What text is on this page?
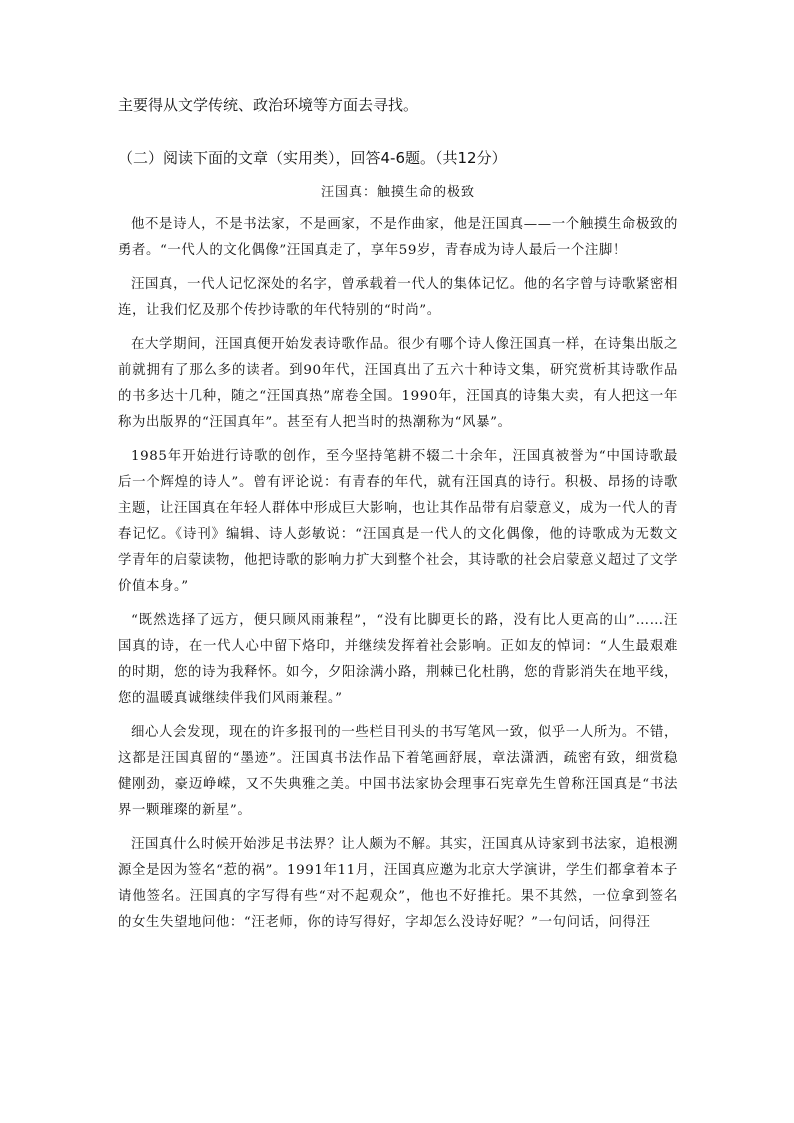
主要得从文学传统、政治环境等方面去寻找。
（二）阅读下面的文章（实用类），回答4-6题。（共12分）
汪国真：触摸生命的极致

他不是诗人，不是书法家，不是画家，不是作曲家，他是汪国真——一个触摸生命极致的勇者。“一代人的文化偶像”汪国真走了，享年59岁，青春成为诗人最后一个注脚！

汪国真，一代人记忆深处的名字，曾承载着一代人的集体记忆。他的名字曾与诗歌紧密相连，让我们忆及那个传抄诗歌的年代特别的“时尚”。

在大学期间，汪国真便开始发表诗歌作品。很少有哪个诗人像汪国真一样，在诗集出版之前就拥有了那么多的读者。到90年代，汪国真出了五六十种诗文集，研究赏析其诗歌作品的书多达十几种，随之“汪国真热”席卷全国。1990年，汪国真的诗集大卖，有人把这一年称为出版界的“汪国真年”。甚至有人把当时的热潮称为“风暴”。

1985年开始进行诗歌的创作，至今坚持笔耕不辍二十余年，汪国真被誉为“中国诗歌最后一个辉煌的诗人”。曾有评论说：有青春的年代，就有汪国真的诗行。积极、昂扬的诗歌主题，让汪国真在年轻人群体中形成巨大影响，也让其作品带有启蒙意义，成为一代人的青春记忆。《诗刊》编辑、诗人彭敏说：“汪国真是一代人的文化偶像，他的诗歌成为无数文学青年的启蒙读物，他把诗歌的影响力扩大到整个社会，其诗歌的社会启蒙意义超过了文学价值本身。”

“既然选择了远方，便只顾风雨兼程”，“没有比脚更长的路，没有比人更高的山”……汪国真的诗，在一代人心中留下烙印，并继续发挥着社会影响。正如友的悼词：“人生最艰难的时期，您的诗为我释怀。如今，夕阳涂满小路，荆棘已化杜鹃，您的背影消失在地平线，您的温暖真诚继续伴我们风雨兼程。”

细心人会发现，现在的许多报刊的一些栏目刊头的书写笔风一致，似乎一人所为。不错，这都是汪国真留的“墨迹”。汪国真书法作品下着笔画舒展，章法潇洒，疏密有致，细赏稳健刚劲，豪迈峥嵘，又不失典雅之美。中国书法家协会理事石宪章先生曾称汪国真是“书法界一颗璀璨的新星”。

汪国真什么时候开始涉足书法界？让人颇为不解。其实，汪国真从诗家到书法家，追根溯源全是因为签名“惹的祸”。1991年11月，汪国真应邀为北京大学演讲，学生们都拿着本子请他签名。汪国真的字写得有些“对不起观众”，他也不好推托。果不其然，一位拿到签名的女生失望地问他：“汪老师，你的诗写得好，字却怎么没诗好呢？”一句问话，问得汪
